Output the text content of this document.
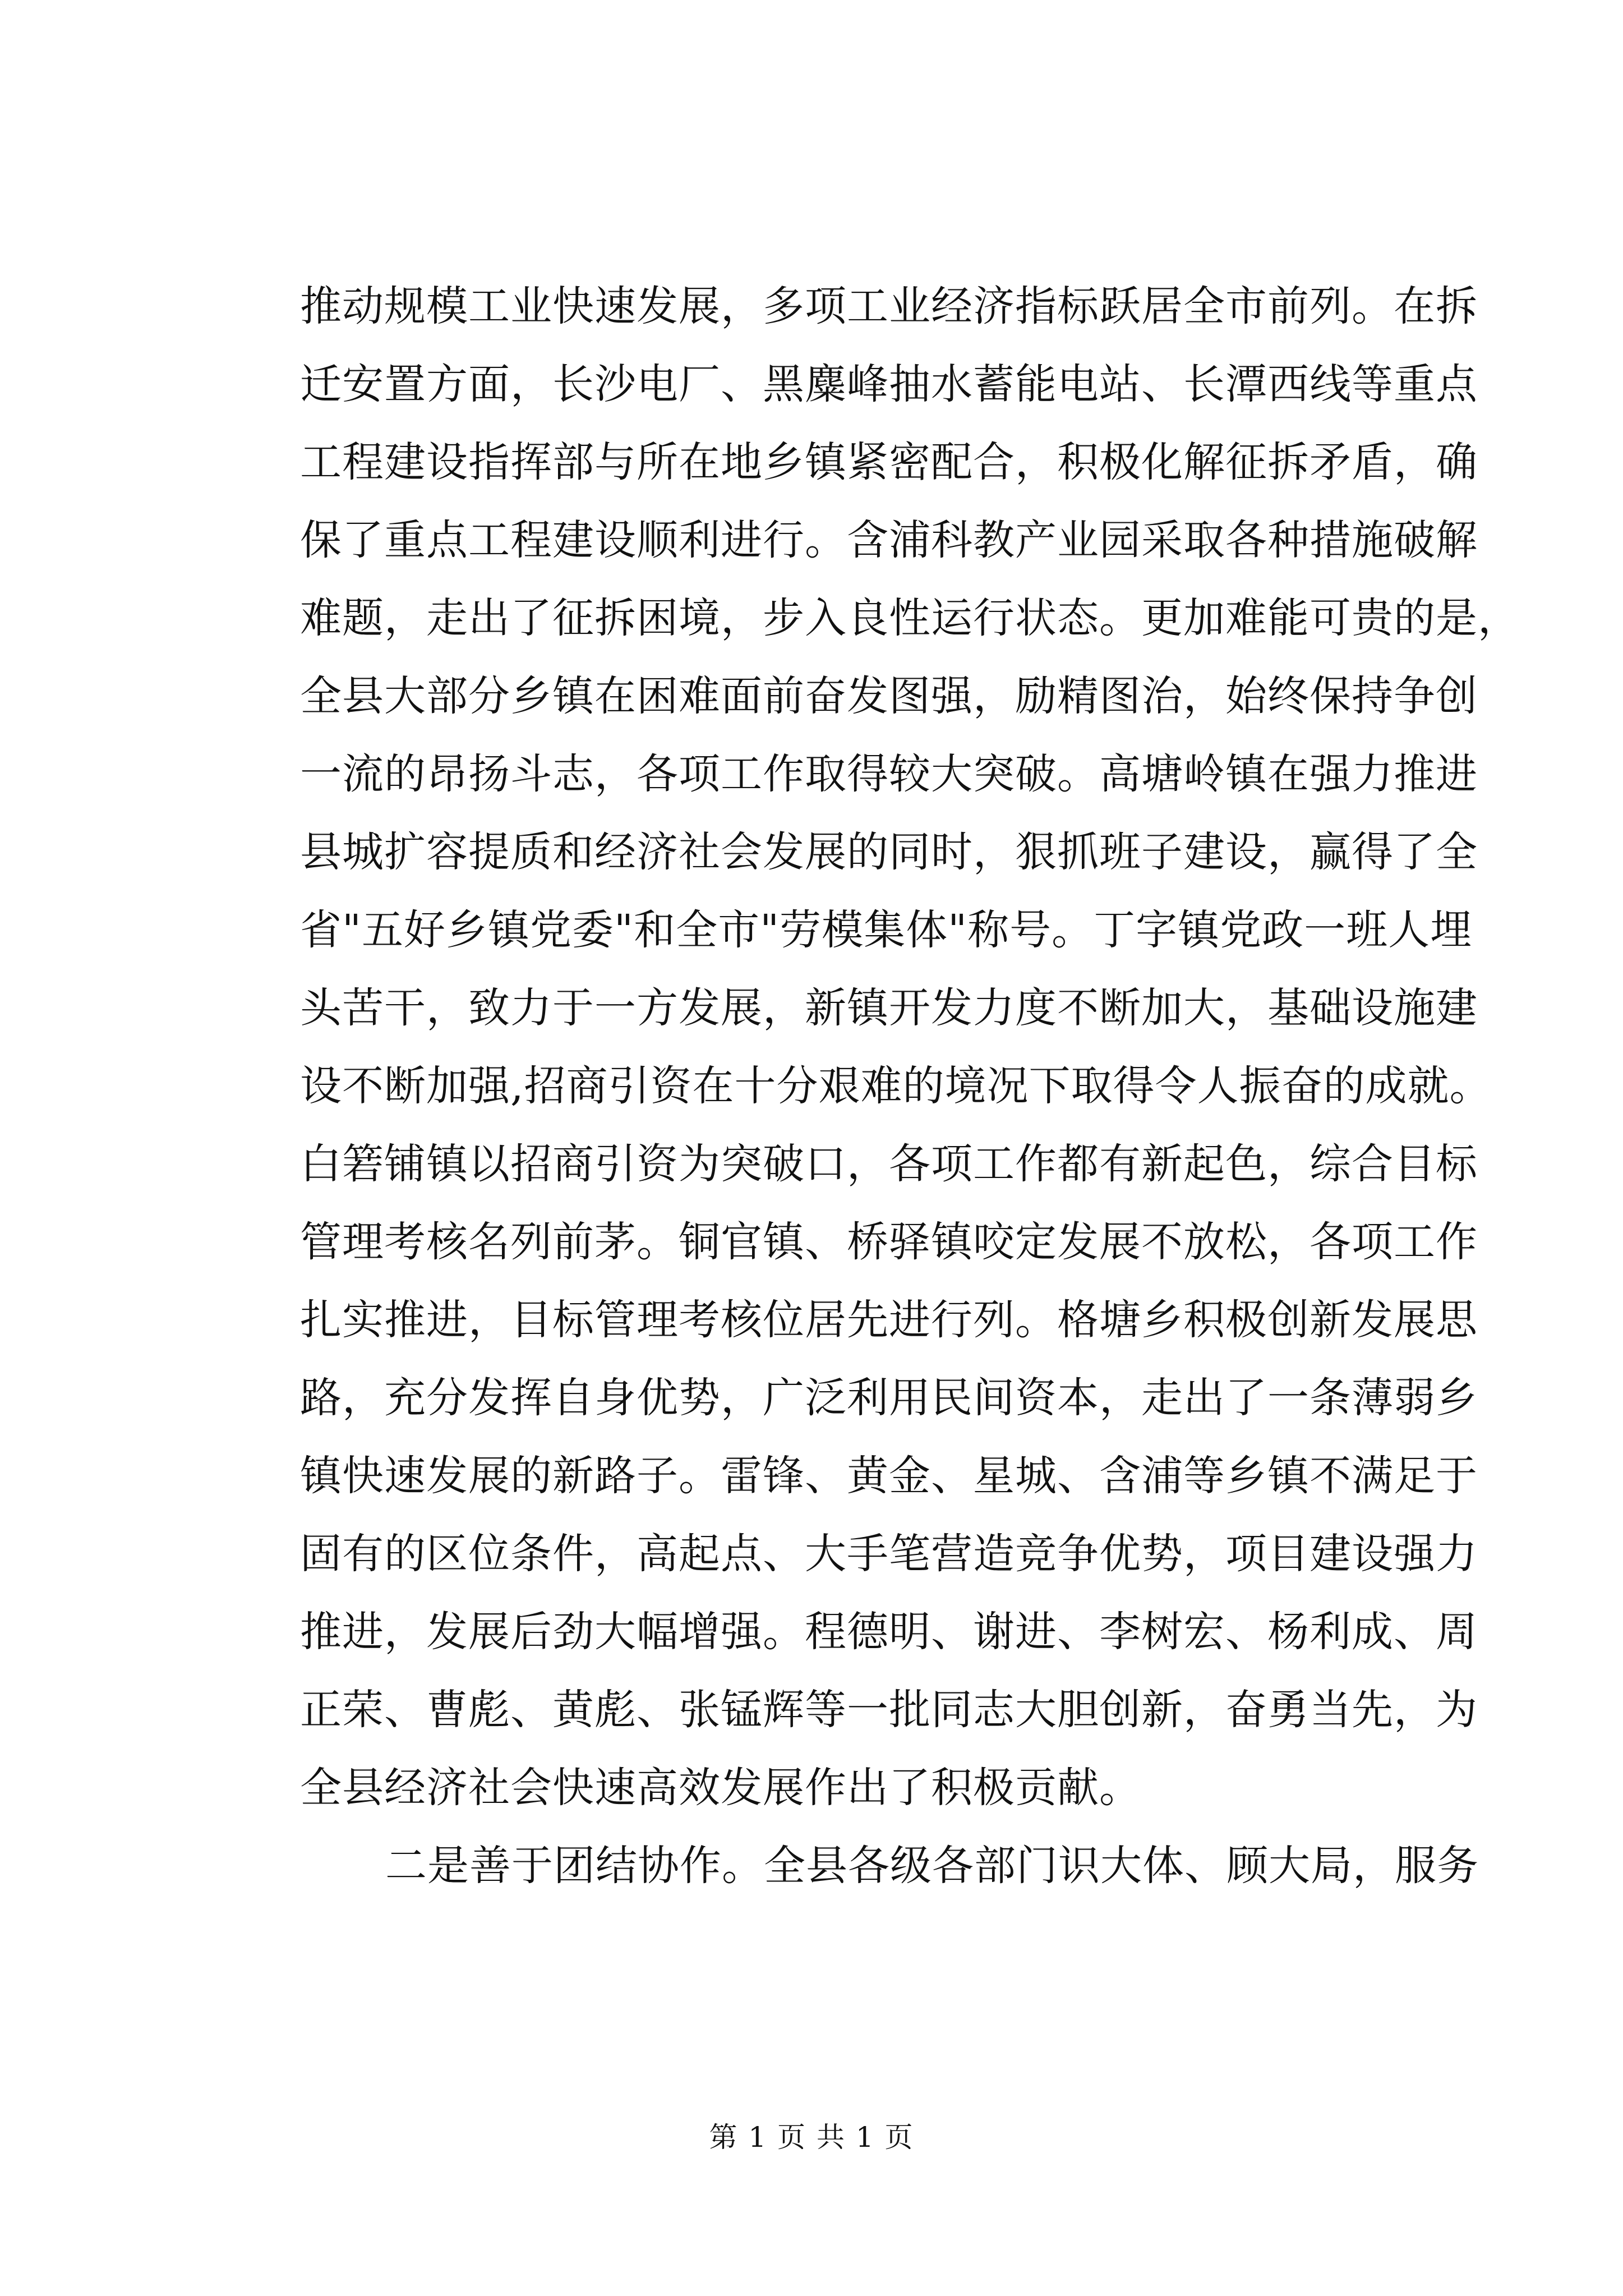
推动规模工业快速发展，多项工业经济指标跃居全市前列。在拆
迁安置方面，长沙电厂、黑麋峰抽水蓄能电站、长潭西线等重点
工程建设指挥部与所在地乡镇紧密配合，积极化解征拆矛盾，确
保了重点工程建设顺利进行。含浦科教产业园采取各种措施破解
难题，走出了征拆困境，步入良性运行状态。更加难能可贵的是，
全县大部分乡镇在困难面前奋发图强，励精图治，始终保持争创
一流的昂扬斗志，各项工作取得较大突破。高塘岭镇在强力推进
县城扩容提质和经济社会发展的同时，狠抓班子建设，赢得了全
省"五好乡镇党委"和全市"劳模集体"称号。丁字镇党政一班人埋
头苦干，致力于一方发展，新镇开发力度不断加大，基础设施建
设不断加强,招商引资在十分艰难的境况下取得令人振奋的成就。
白箬铺镇以招商引资为突破口，各项工作都有新起色，综合目标
管理考核名列前茅。铜官镇、桥驿镇咬定发展不放松，各项工作
扎实推进，目标管理考核位居先进行列。格塘乡积极创新发展思
路，充分发挥自身优势，广泛利用民间资本，走出了一条薄弱乡
镇快速发展的新路子。雷锋、黄金、星城、含浦等乡镇不满足于
固有的区位条件，高起点、大手笔营造竞争优势，项目建设强力
推进，发展后劲大幅增强。程德明、谢进、李树宏、杨利成、周
正荣、曹彪、黄彪、张锰辉等一批同志大胆创新，奋勇当先，为
全县经济社会快速高效发展作出了积极贡献。
二是善于团结协作。全县各级各部门识大体、顾大局，服务
第 1 页 共 1 页
